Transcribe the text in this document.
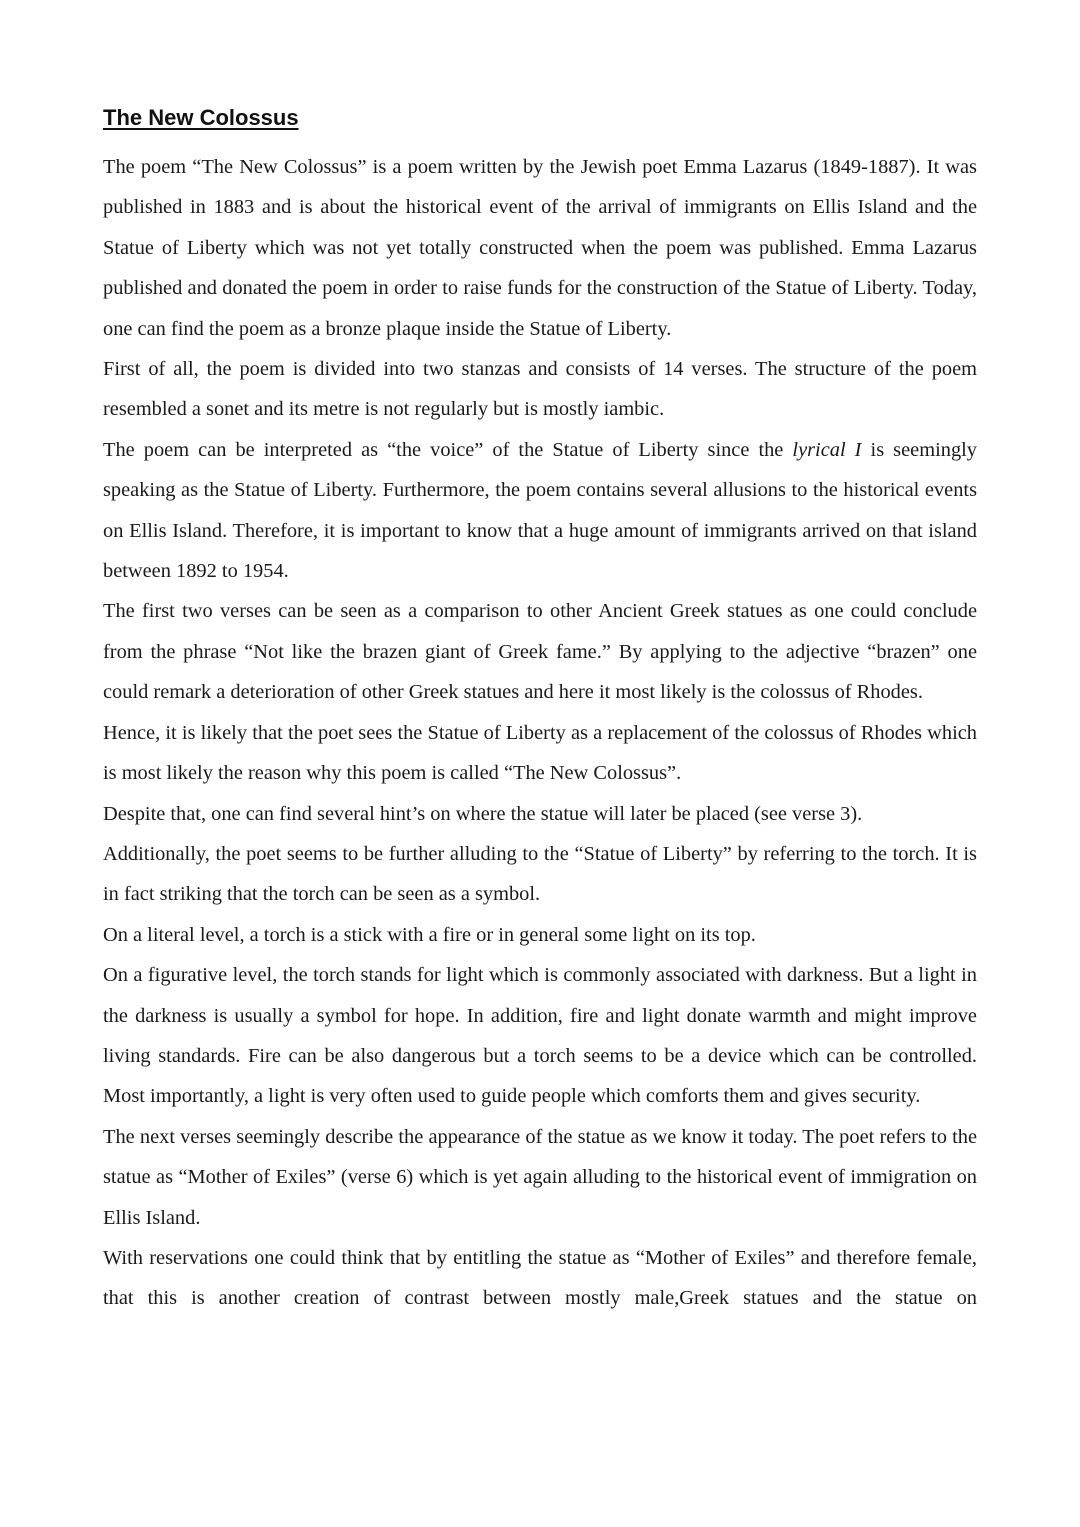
The New Colossus

The poem “The New Colossus” is a poem written by the Jewish poet Emma Lazarus (1849-1887). It was published in 1883 and is about the historical event of the arrival of immigrants on Ellis Island and the Statue of Liberty which was not yet totally constructed when the poem was published. Emma Lazarus published and donated the poem in order to raise funds for the construction of the Statue of Liberty. Today, one can find the poem as a bronze plaque inside the Statue of Liberty.

First of all, the poem is divided into two stanzas and consists of 14 verses. The structure of the poem resembled a sonet and its metre is not regularly but is mostly iambic.

The poem can be interpreted as “the voice” of the Statue of Liberty since the lyrical I is seemingly speaking as the Statue of Liberty. Furthermore, the poem contains several allusions to the historical events on Ellis Island. Therefore, it is important to know that a huge amount of immigrants arrived on that island between 1892 to 1954.

The first two verses can be seen as a comparison to other Ancient Greek statues as one could conclude from the phrase “Not like the brazen giant of Greek fame.” By applying to the adjective “brazen” one could remark a deterioration of other Greek statues and here it most likely is the colossus of Rhodes.

Hence, it is likely that the poet sees the Statue of Liberty as a replacement of the colossus of Rhodes which is most likely the reason why this poem is called “The New Colossus”.

Despite that, one can find several hint’s on where the statue will later be placed (see verse 3).

Additionally, the poet seems to be further alluding to the “Statue of Liberty” by referring to the torch. It is in fact striking that the torch can be seen as a symbol.

On a literal level, a torch is a stick with a fire or in general some light on its top.

On a figurative level, the torch stands for light which is commonly associated with darkness. But a light in the darkness is usually a symbol for hope. In addition, fire and light donate warmth and might improve living standards. Fire can be also dangerous but a torch seems to be a device which can be controlled. Most importantly, a light is very often used to guide people which comforts them and gives security.

The next verses seemingly describe the appearance of the statue as we know it today. The poet refers to the statue as “Mother of Exiles” (verse 6) which is yet again alluding to the historical event of immigration on Ellis Island.

With reservations one could think that by entitling the statue as “Mother of Exiles” and therefore female, that this is another creation of contrast between mostly male,Greek statues and the statue on
